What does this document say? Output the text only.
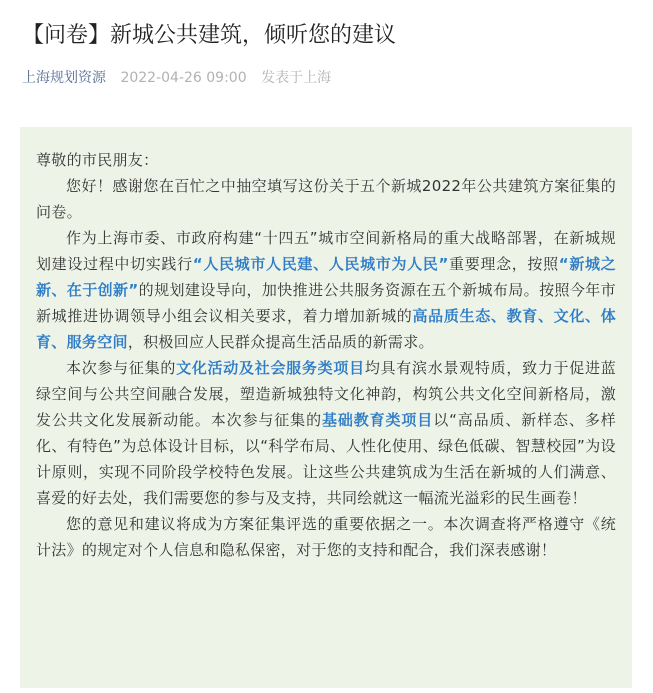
【问卷】新城公共建筑，倾听您的建议
上海规划资源 2022-04-26 09:00 发表于上海

尊敬的市民朋友：

您好！感谢您在百忙之中抽空填写这份关于五个新城2022年公共建筑方案征集的问卷。

作为上海市委、市政府构建“十四五”城市空间新格局的重大战略部署，在新城规划建设过程中切实践行“人民城市人民建、人民城市为人民”重要理念，按照“新城之新、在于创新”的规划建设导向，加快推进公共服务资源在五个新城布局。按照今年市新城推进协调领导小组会议相关要求，着力增加新城的高品质生态、教育、文化、体育、服务空间，积极回应人民群众提高生活品质的新需求。

本次参与征集的文化活动及社会服务类项目均具有滨水景观特质，致力于促进蓝绿空间与公共空间融合发展，塑造新城独特文化神韵，构筑公共文化空间新格局，激发公共文化发展新动能。本次参与征集的基础教育类项目以“高品质、新样态、多样化、有特色”为总体设计目标，以“科学布局、人性化使用、绿色低碳、智慧校园”为设计原则，实现不同阶段学校特色发展。让这些公共建筑成为生活在新城的人们满意、喜爱的好去处，我们需要您的参与及支持，共同绘就这一幅流光溢彩的民生画卷！

您的意见和建议将成为方案征集评选的重要依据之一。本次调查将严格遵守《统计法》的规定对个人信息和隐私保密，对于您的支持和配合，我们深表感谢！
